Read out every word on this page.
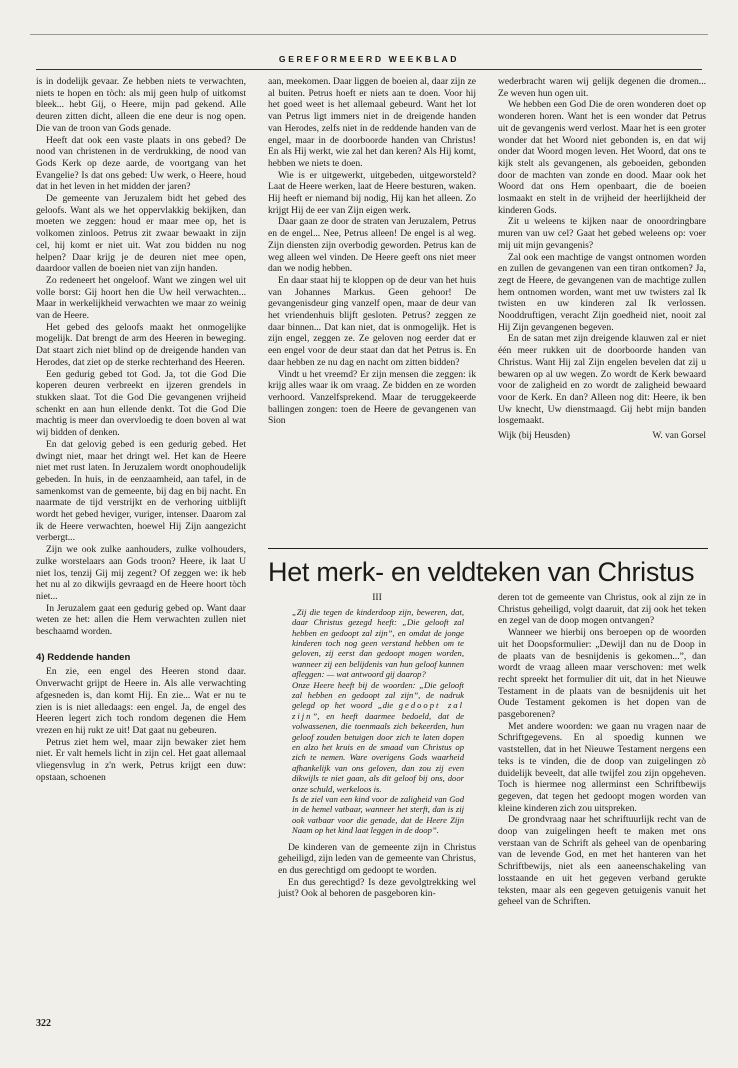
GEREFORMEERD WEEKBLAD

is in dodelijk gevaar. Ze hebben niets te verwachten, niets te hopen en tòch: als mij geen hulp of uitkomst bleek... hebt Gij, o Heere, mijn pad gekend. Alle deuren zitten dicht, alleen die ene deur is nog open. Die van de troon van Gods genade.

Heeft dat ook een vaste plaats in ons gebed? De nood van christenen in de verdrukking, de nood van Gods Kerk op deze aarde, de voortgang van het Evangelie? Is dat ons gebed: Uw werk, o Heere, houd dat in het leven in het midden der jaren?

De gemeente van Jeruzalem bidt het gebed des geloofs. Want als we het oppervlakkig bekijken, dan moeten we zeggen: houd er maar mee op, het is volkomen zinloos. Petrus zit zwaar bewaakt in zijn cel, hij komt er niet uit. Wat zou bidden nu nog helpen? Daar krijg je de deuren niet mee open, daardoor vallen de boeien niet van zijn handen.

Zo redeneert het ongeloof. Want we zingen wel uit volle borst: Gij hoort hen die Uw heil verwachten... Maar in werkelijkheid verwachten we maar zo weinig van de Heere.

Het gebed des geloofs maakt het onmogelijke mogelijk. Dat brengt de arm des Heeren in beweging. Dat staart zich niet blind op de dreigende handen van Herodes, dat ziet op de sterke rechterhand des Heeren.

Een gedurig gebed tot God. Ja, tot die God Die koperen deuren verbreekt en ijzeren grendels in stukken slaat. Tot die God Die gevangenen vrijheid schenkt en aan hun ellende denkt. Tot die God Die machtig is meer dan overvloedig te doen boven al wat wij bidden of denken.

En dat gelovig gebed is een gedurig gebed. Het dwingt niet, maar het dringt wel. Het kan de Heere niet met rust laten. In Jeruzalem wordt onophoudelijk gebeden. In huis, in de eenzaamheid, aan tafel, in de samenkomst van de gemeente, bij dag en bij nacht. En naarmate de tijd verstrijkt en de verhoring uitblijft wordt het gebed heviger, vuriger, intenser. Daarom zal ik de Heere verwachten, hoewel Hij Zijn aangezicht verbergt...

Zijn we ook zulke aanhouders, zulke volhouders, zulke worstelaars aan Gods troon? Heere, ik laat U niet los, tenzij Gij mij zegent? Of zeggen we: ik heb het nu al zo dikwijls gevraagd en de Heere hoort tòch niet...

In Jeruzalem gaat een gedurig gebed op. Want daar weten ze het: allen die Hem verwachten zullen niet beschaamd worden.

4) Reddende handen

En zie, een engel des Heeren stond daar. Onverwacht grijpt de Heere in. Als alle verwachting afgesneden is, dan komt Hij. En zie... Wat er nu te zien is is niet alledaags: een engel. Ja, de engel des Heeren legert zich toch rondom degenen die Hem vrezen en hij rukt ze uit! Dat gaat nu gebeuren.

Petrus ziet hem wel, maar zijn bewaker ziet hem niet. Er valt hemels licht in zijn cel. Het gaat allemaal vliegensvlug in z'n werk, Petrus krijgt een duw: opstaan, schoenen

aan, meekomen. Daar liggen de boeien al, daar zijn ze al buiten. Petrus hoeft er niets aan te doen. Voor hij het goed weet is het allemaal gebeurd. Want het lot van Petrus ligt immers niet in de dreigende handen van Herodes, zelfs niet in de reddende handen van de engel, maar in de doorboorde handen van Christus! En als Hij werkt, wie zal het dan keren? Als Hij komt, hebben we niets te doen.

Wie is er uitgewerkt, uitgebeden, uitgeworsteld? Laat de Heere werken, laat de Heere besturen, waken. Hij heeft er niemand bij nodig, Hij kan het alleen. Zo krijgt Hij de eer van Zijn eigen werk.

Daar gaan ze door de straten van Jeruzalem, Petrus en de engel... Nee, Petrus alleen! De engel is al weg. Zijn diensten zijn overbodig geworden. Petrus kan de weg alleen wel vinden. De Heere geeft ons niet meer dan we nodig hebben.

En daar staat hij te kloppen op de deur van het huis van Johannes Markus. Geen gehoor! De gevangenisdeur ging vanzelf open, maar de deur van het vriendenhuis blijft gesloten. Petrus? zeggen ze daar binnen... Dat kan niet, dat is onmogelijk. Het is zijn engel, zeggen ze. Ze geloven nog eerder dat er een engel voor de deur staat dan dat het Petrus is. En daar hebben ze nu dag en nacht om zitten bidden?

Vindt u het vreemd? Er zijn mensen die zeggen: ik krijg alles waar ik om vraag. Ze bidden en ze worden verhoord. Vanzelfsprekend. Maar de teruggekeerde ballingen zongen: toen de Heere de gevangenen van Sion

wederbracht waren wij gelijk degenen die dromen... Ze weven hun ogen uit.

We hebben een God Die de oren wonderen doet op wonderen horen. Want het is een wonder dat Petrus uit de gevangenis werd verlost. Maar het is een groter wonder dat het Woord niet gebonden is, en dat wij onder dat Woord mogen leven. Het Woord, dat ons te kijk stelt als gevangenen, als geboeiden, gebonden door de machten van zonde en dood. Maar ook het Woord dat ons Hem openbaart, die de boeien losmaakt en stelt in de vrijheid der heerlijkheid der kinderen Gods.

Zit u weleens te kijken naar de onoordringbare muren van uw cel? Gaat het gebed weleens op: voer mij uit mijn gevangenis?

Zal ook een machtige de vangst ontnomen worden en zullen de gevangenen van een tiran ontkomen? Ja, zegt de Heere, de gevangenen van de machtige zullen hem ontnomen worden, want met uw twisters zal Ik twisten en uw kinderen zal Ik verlossen. Nooddruftigen, veracht Zijn goedheid niet, nooit zal Hij Zijn gevangenen begeven.

En de satan met zijn dreigende klauwen zal er niet één meer rukken uit de doorboorde handen van Christus. Want Hij zal Zijn engelen bevelen dat zij u bewaren op al uw wegen. Zo wordt de Kerk bewaard voor de zaligheid en zo wordt de zaligheid bewaard voor de Kerk. En dan? Alleen nog dit: Heere, ik ben Uw knecht, Uw dienstmaagd. Gij hebt mijn banden losgemaakt.

Wijk (bij Heusden)	W. van Gorsel
Het merk- en veldteken van Christus
III

„Zij die tegen de kinderdoop zijn, beweren, dat, daar Christus gezegd heeft: „Die gelooft zal hebben en gedoopt zal zijn”, en omdat de jonge kinderen toch nog geen verstand hebben om te geloven, zij eerst dan gedoopt mogen worden, wanneer zij een belijdenis van hun geloof kunnen afleggen: — wat antwoord gij daarop?

Onze Heere heeft bij de woorden: „Die gelooft zal hebben en gedoopt zal zijn”, de nadruk gelegd op het woord „die gedoopt zal zijn”, en heeft daarmee bedoeld, dat de volwassenen, die toenmaals zich bekeerden, hun geloof zouden betuigen door zich te laten dopen en alzo het kruis en de smaad van Christus op zich te nemen. Ware overigens Gods waarheid afhankelijk van ons geloven, dan zou zij even dikwijls te niet gaan, als dit geloof bij ons, door onze schuld, werkeloos is.

Is de ziel van een kind voor de zaligheid van God in de hemel vatbaar, wanneer het sterft, dan is zij ook vatbaar voor die genade, dat de Heere Zijn Naam op het kind laat leggen in de doop”.

De kinderen van de gemeente zijn in Christus geheiligd, zijn leden van de gemeente van Christus, en dus gerechtigd om gedoopt te worden.

En dus gerechtigd? Is deze gevolgtrekking wel juist? Ook al behoren de pasgeboren kin-

deren tot de gemeente van Christus, ook al zijn ze in Christus geheiligd, volgt daaruit, dat zij ook het teken en zegel van de doop mogen ontvangen?

Wanneer we hierbij ons beroepen op de woorden uit het Doopsformulier: „Dewijl dan nu de Doop in de plaats van de besnijdenis is gekomen...”, dan wordt de vraag alleen maar verschoven: met welk recht spreekt het formulier dit uit, dat in het Nieuwe Testament in de plaats van de besnijdenis uit het Oude Testament gekomen is het dopen van de pasgeborenen?

Met andere woorden: we gaan nu vragen naar de Schriftgegevens. En al spoedig kunnen we vaststellen, dat in het Nieuwe Testament nergens een teks is te vinden, die de doop van zuigelingen zò duidelijk beveelt, dat alle twijfel zou zijn opgeheven. Toch is hiermee nog allerminst een Schriftbewijs gegeven, dat tegen het gedoopt mogen worden van kleine kinderen zich zou uitspreken.

De grondvraag naar het schriftuurlijk recht van de doop van zuigelingen heeft te maken met ons verstaan van de Schrift als geheel van de openbaring van de levende God, en met het hanteren van het Schriftbewijs, niet als een aaneenschakeling van losstaande en uit het gegeven verband gerukte teksten, maar als een gegeven getuigenis vanuit het geheel van de Schriften.

322
